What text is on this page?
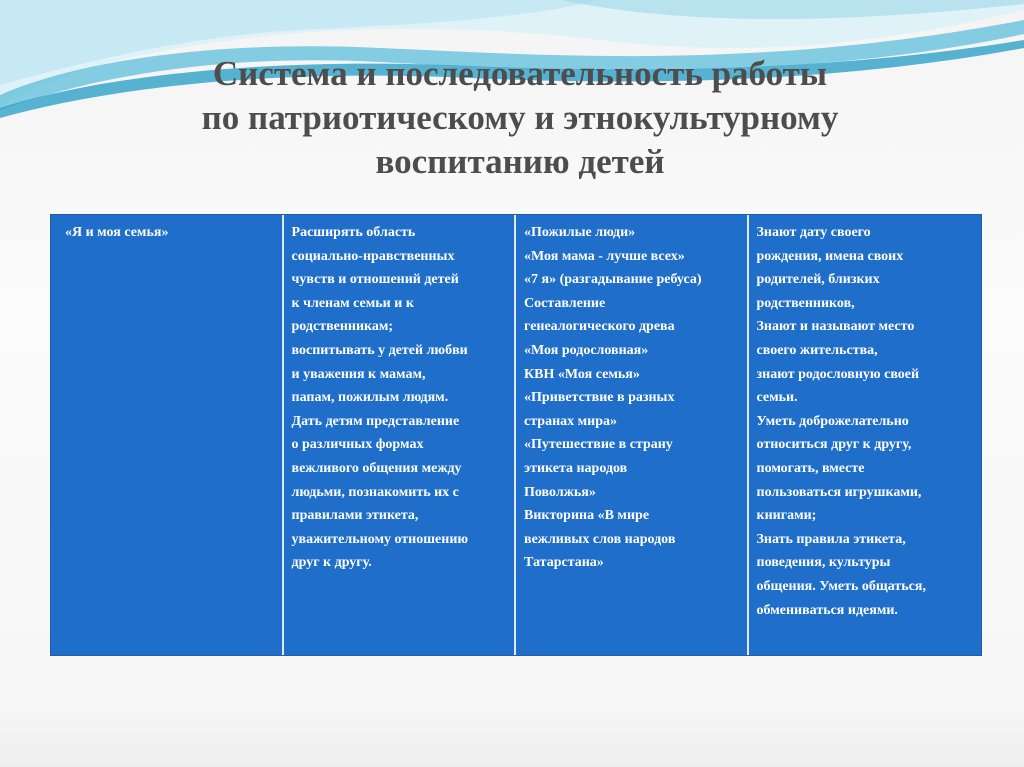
Система и последовательность работы
по патриотическому и этнокультурному
воспитанию детей
«Я и моя семья»	Расширять область
социально-нравственных
чувств и отношений детей
к членам семьи и к
родственникам;
воспитывать у детей любви
и уважения к мамам,
папам, пожилым людям.
Дать детям представление
о различных формах
вежливого общения между
людьми, познакомить их с
правилами этикета,
уважительному отношению
друг к другу.
«Пожилые люди»
«Моя мама - лучше всех»
«7 я» (разгадывание ребуса)
Составление
генеалогического древа
«Моя родословная»
КВН «Моя семья»
«Приветствие в разных
странах мира»
«Путешествие в страну
этикета народов
Поволжья»
Викторина «В мире
вежливых слов народов
Татарстана»
Знают дату своего
рождения, имена своих
родителей, близких
родственников,
Знают и называют место
своего жительства,
знают родословную своей
семьи.
Уметь доброжелательно
относиться друг к другу,
помогать, вместе
пользоваться игрушками,
книгами;
Знать правила этикета,
поведения, культуры
общения. Уметь общаться,
обмениваться идеями.
